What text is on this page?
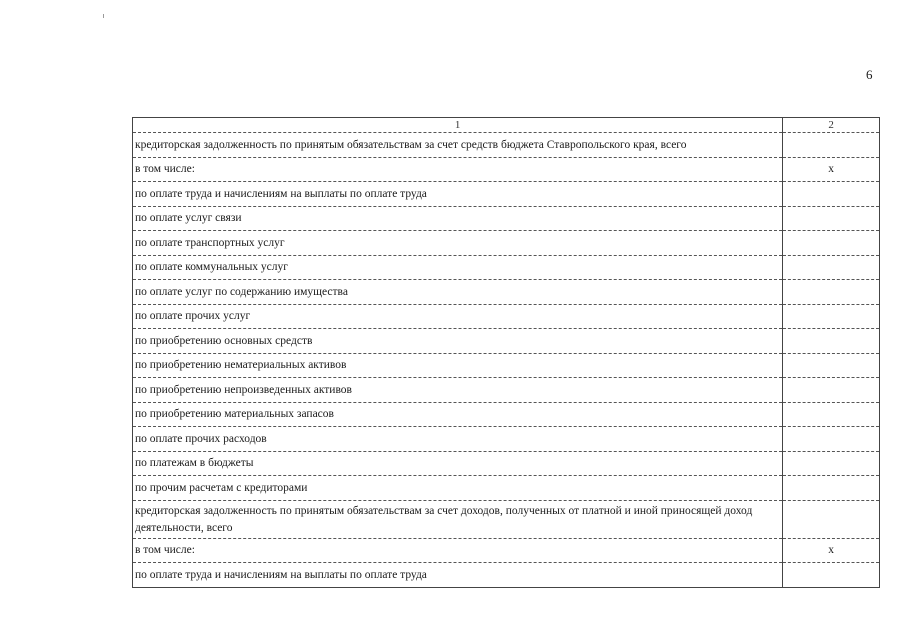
6
1	2
кредиторская задолженность по принятым обязательствам за счет средств бюджета Ставропольского края, всего	
в том числе:	х
по оплате труда и начислениям на выплаты по оплате труда	
по оплате услуг связи	
по оплате транспортных услуг	
по оплате коммунальных услуг	
по оплате услуг по содержанию имущества	
по оплате прочих услуг	
по приобретению основных средств	
по приобретению нематериальных активов	
по приобретению непроизведенных активов	
по приобретению материальных запасов	
по оплате прочих расходов	
по платежам в бюджеты	
по прочим расчетам с кредиторами	
кредиторская задолженность по принятым обязательствам за счет доходов, полученных от платной и иной приносящей доход деятельности, всего	
в том числе:	х
по оплате труда и начислениям на выплаты по оплате труда	
